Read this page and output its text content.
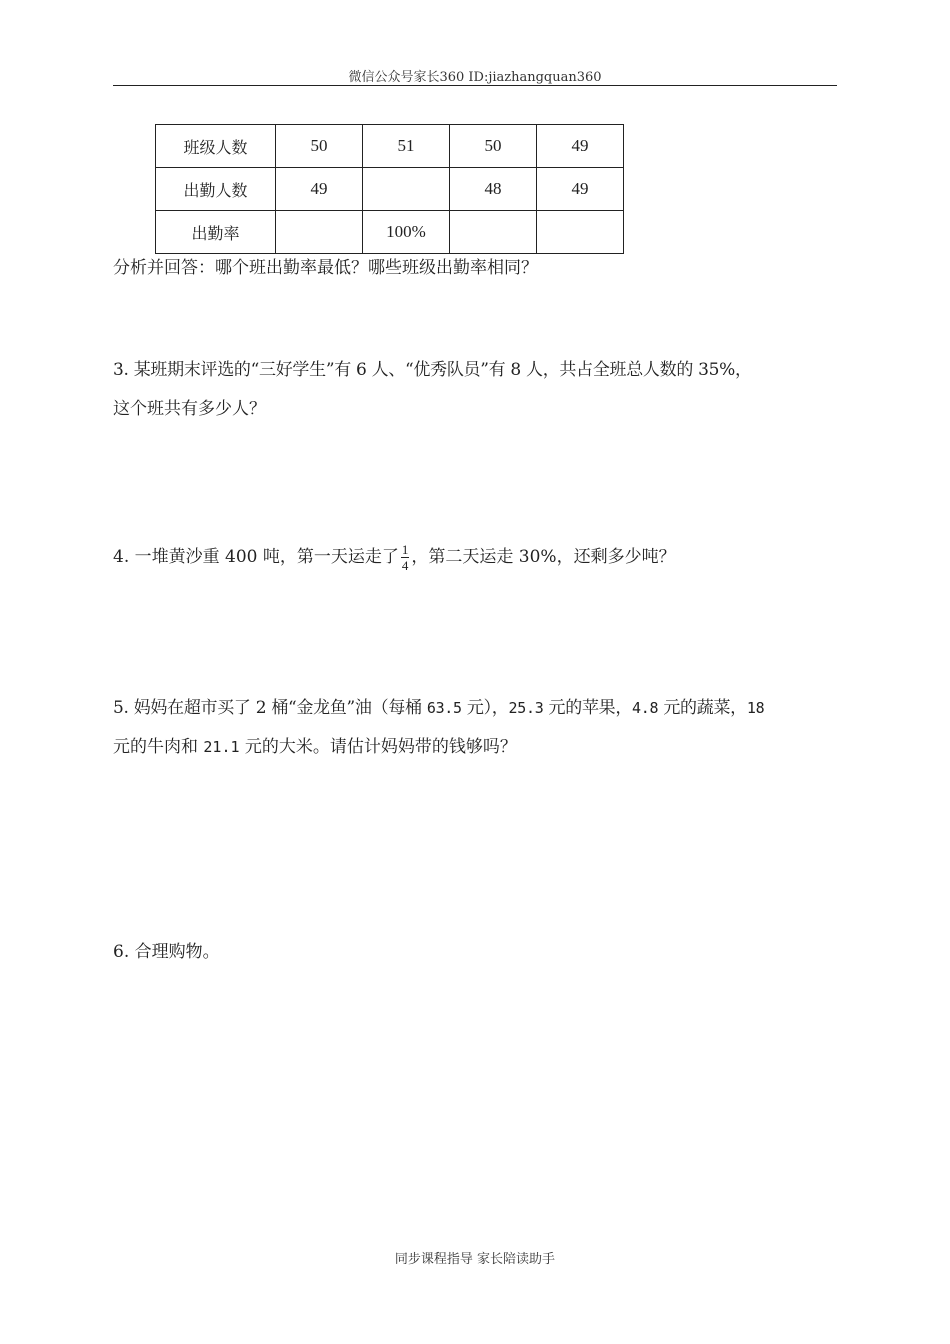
微信公众号家长360 ID:jiazhangquan360
班级人数	50	51	50	49
出勤人数	49		48	49
出勤率		100%		
分析并回答：哪个班出勤率最低？哪些班级出勤率相同？
3. 某班期末评选的“三好学生”有 6 人、“优秀队员”有 8 人，共占全班总人数的 35%，
这个班共有多少人？
4. 一堆黄沙重 400 吨，第一天运走了 $\frac{1}{4}$ ，第二天运走 30%，还剩多少吨？
5. 妈妈在超市买了 2 桶“金龙鱼”油（每桶 63.5 元），25.3 元的苹果，4.8 元的蔬菜，18
元的牛肉和 21.1 元的大米。请估计妈妈带的钱够吗？
6. 合理购物。
同步课程指导 家长陪读助手
